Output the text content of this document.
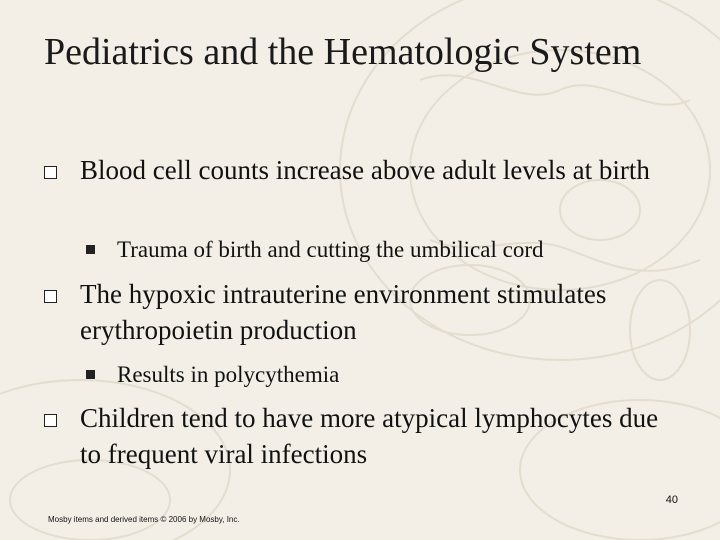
Pediatrics and the Hematologic System
Blood cell counts increase above adult levels at birth
Trauma of birth and cutting the umbilical cord
The hypoxic intrauterine environment stimulates erythropoietin production
Results in polycythemia
Children tend to have more atypical lymphocytes due to frequent viral infections
40
Mosby items and derived items © 2006 by Mosby, Inc.
